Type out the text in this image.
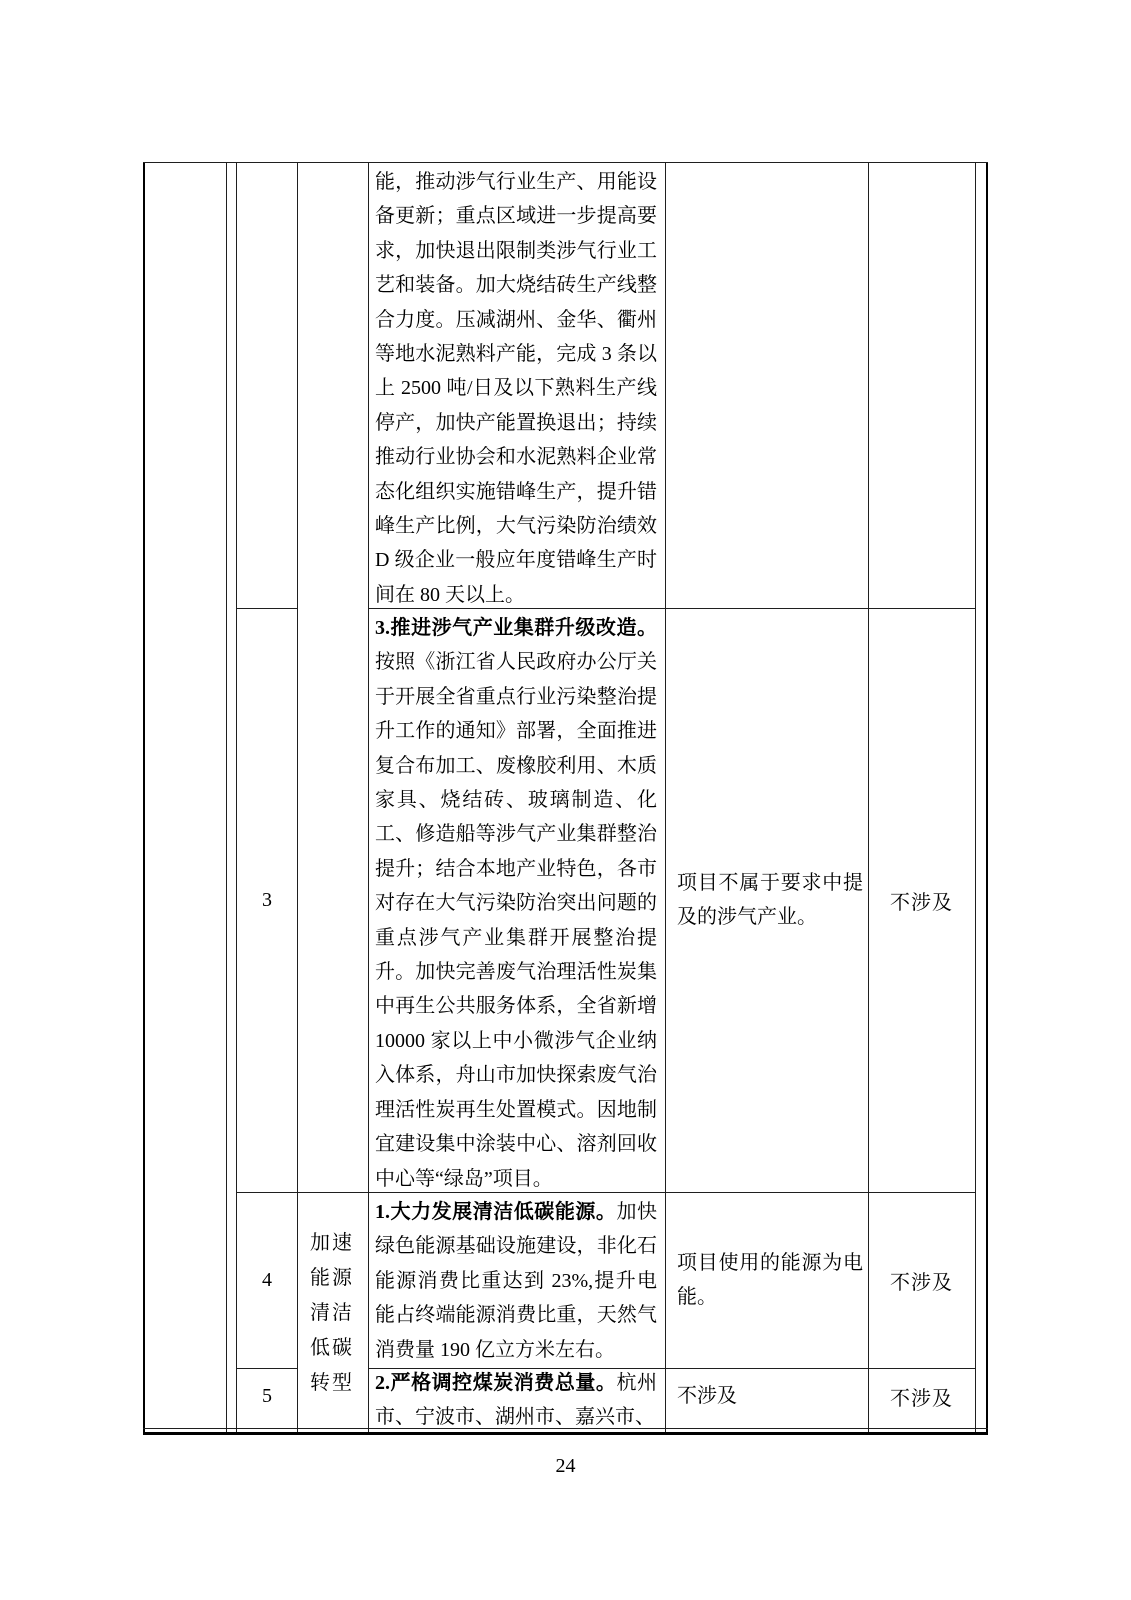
能，推动涉气行业生产、用能设备更新；重点区域进一步提高要求，加快退出限制类涉气行业工艺和装备。加大烧结砖生产线整合力度。压减湖州、金华、衢州等地水泥熟料产能，完成 3 条以上 2500 吨/日及以下熟料生产线停产，加快产能置换退出；持续推动行业协会和水泥熟料企业常态化组织实施错峰生产，提升错峰生产比例，大气污染防治绩效 D 级企业一般应年度错峰生产时间在 80 天以上。

3

3.推进涉气产业集群升级改造。按照《浙江省人民政府办公厅关于开展全省重点行业污染整治提升工作的通知》部署，全面推进复合布加工、废橡胶利用、木质家具、烧结砖、玻璃制造、化工、修造船等涉气产业集群整治提升；结合本地产业特色，各市对存在大气污染防治突出问题的重点涉气产业集群开展整治提升。加快完善废气治理活性炭集中再生公共服务体系，全省新增 10000 家以上中小微涉气企业纳入体系，舟山市加快探索废气治理活性炭再生处置模式。因地制宜建设集中涂装中心、溶剂回收中心等“绿岛”项目。

项目不属于要求中提及的涉气产业。

不涉及
加速能源清洁低碳转型
4

1.大力发展清洁低碳能源。加快绿色能源基础设施建设，非化石能源消费比重达到 23%,提升电能占终端能源消费比重，天然气消费量 190 亿立方米左右。

项目使用的能源为电能。

不涉及
5

2.严格调控煤炭消费总量。杭州市、宁波市、湖州市、嘉兴市、

不涉及	不涉及
24
